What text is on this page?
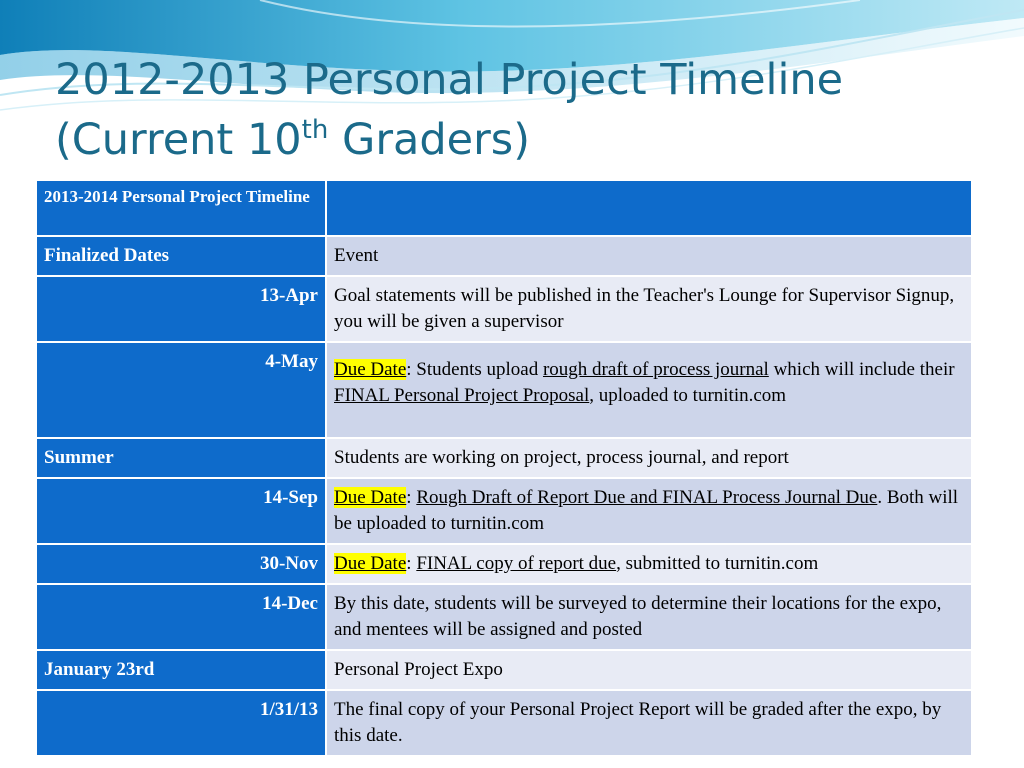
2012-2013 Personal Project Timeline
(Current 10th Graders)
2013-2014 Personal Project Timeline	
Finalized Dates	Event
13-Apr	Goal statements will be published in the Teacher's Lounge for Supervisor Signup, you will be given a supervisor
4-May	Due Date: Students upload rough draft of process journal which will include their FINAL Personal Project Proposal, uploaded to turnitin.com
Summer	Students are working on project, process journal, and report
14-Sep	Due Date: Rough Draft of Report Due and FINAL Process Journal Due. Both will be uploaded to turnitin.com
30-Nov	Due Date: FINAL copy of report due, submitted to turnitin.com
14-Dec	By this date, students will be surveyed to determine their locations for the expo, and mentees will be assigned and posted
January 23rd	Personal Project Expo
1/31/13	The final copy of your Personal Project Report will be graded after the expo, by this date.
